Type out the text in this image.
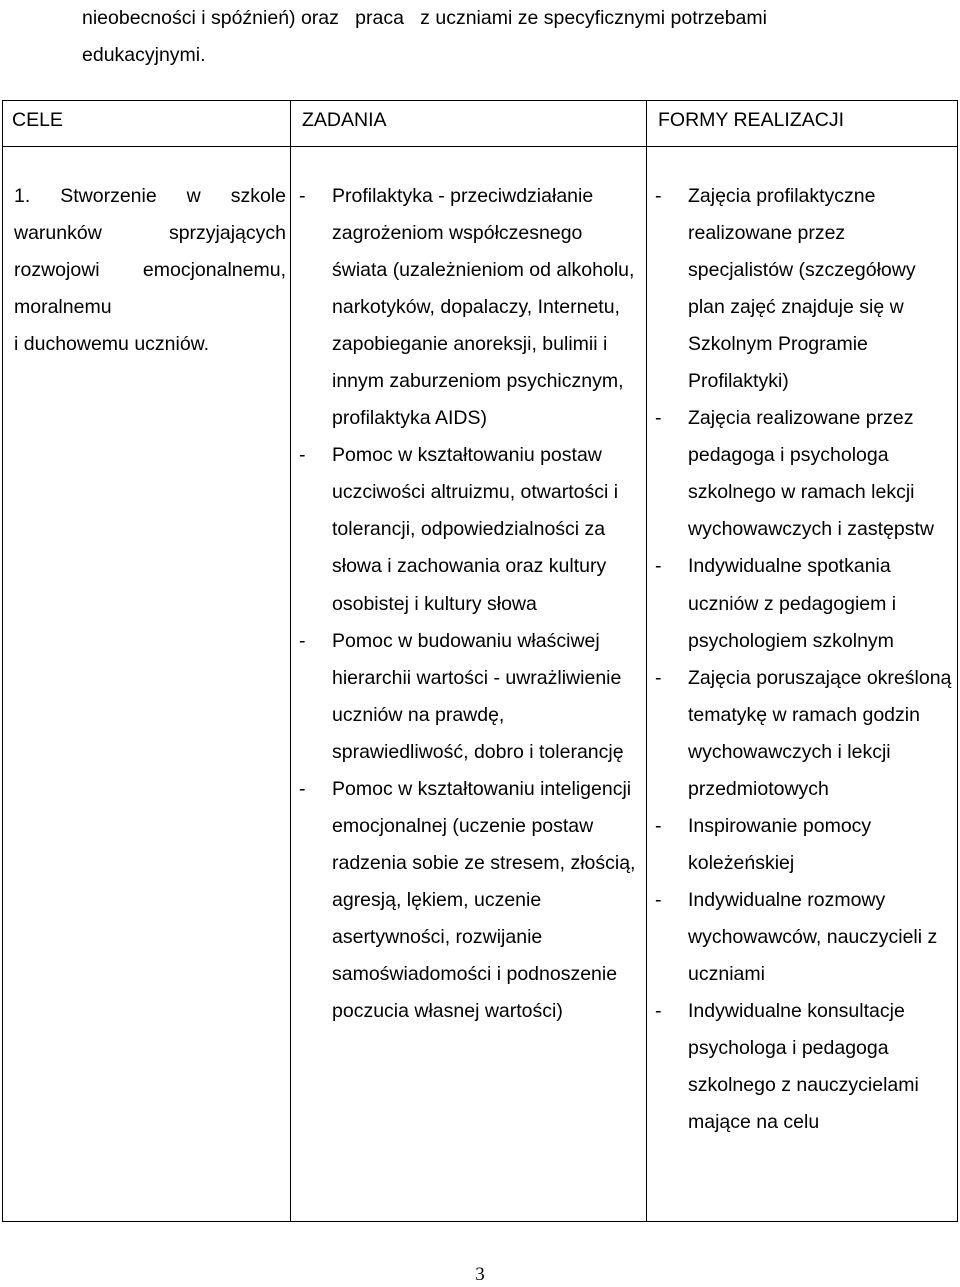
nieobecności i spóźnień) oraz   praca   z uczniami ze specyficznymi potrzebami
edukacyjnymi.
CELE	ZADANIA	FORMY REALIZACJI
1. Stworzenie w szkole
warunków sprzyjających
rozwojowi emocjonalnemu,
moralnemu
i duchowemu uczniów.
- Profilaktyka - przeciwdziałanie zagrożeniom współczesnego świata (uzależnieniom od alkoholu, narkotyków, dopalaczy, Internetu, zapobieganie anoreksji, bulimii i innym zaburzeniom psychicznym, profilaktyka AIDS)
- Pomoc w kształtowaniu postaw uczciwości altruizmu, otwartości i tolerancji, odpowiedzialności za słowa i zachowania oraz kultury osobistej i kultury słowa
- Pomoc w budowaniu właściwej hierarchii wartości - uwrażliwienie uczniów na prawdę, sprawiedliwość, dobro i tolerancję
- Pomoc w kształtowaniu inteligencji emocjonalnej (uczenie postaw radzenia sobie ze stresem, złością, agresją, lękiem, uczenie asertywności, rozwijanie samoświadomości i podnoszenie poczucia własnej wartości)
- Zajęcia profilaktyczne realizowane przez specjalistów (szczegółowy plan zajęć znajduje się w Szkolnym Programie Profilaktyki)
- Zajęcia realizowane przez pedagoga i psychologa szkolnego w ramach lekcji wychowawczych i zastępstw
- Indywidualne spotkania uczniów z pedagogiem i psychologiem szkolnym
- Zajęcia poruszające określoną tematykę w ramach godzin wychowawczych i lekcji przedmiotowych
- Inspirowanie pomocy koleżeńskiej
- Indywidualne rozmowy wychowawców, nauczycieli z uczniami
- Indywidualne konsultacje psychologa i pedagoga szkolnego z nauczycielami mające na celu
3
